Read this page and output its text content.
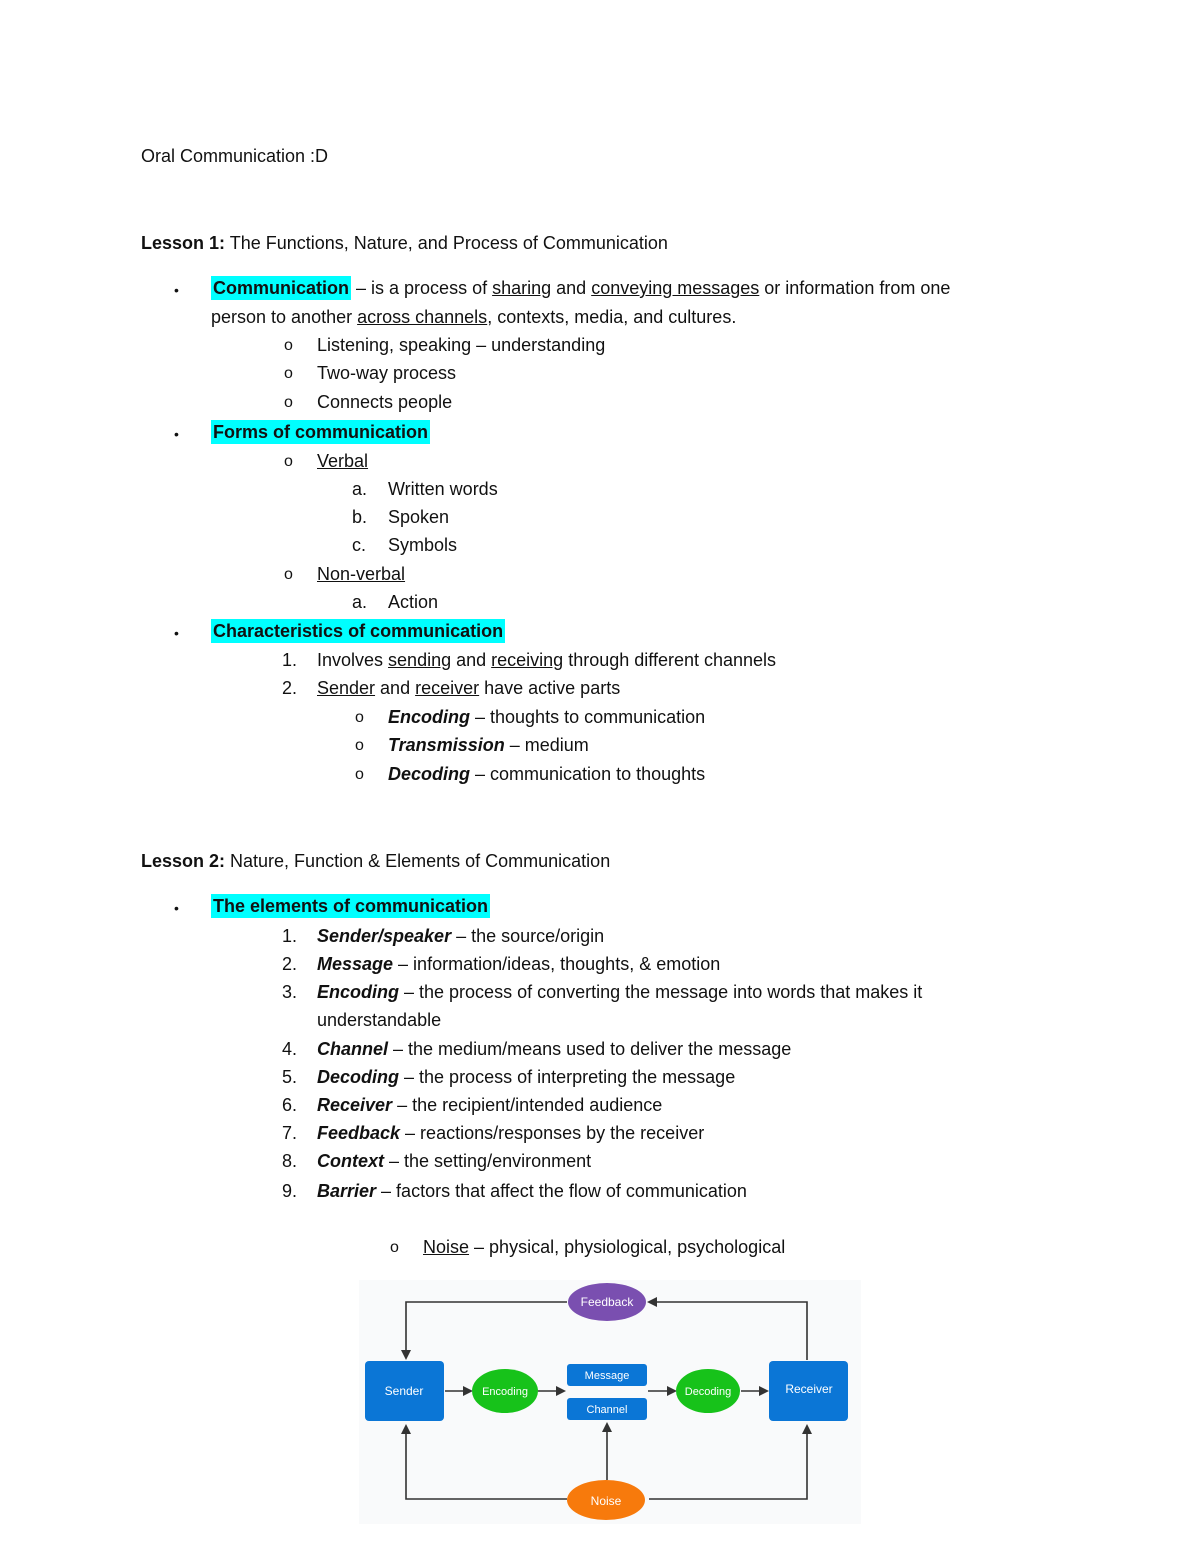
Oral Communication :D
Lesson 1: The Functions, Nature, and Process of Communication
• Communication – is a process of sharing and conveying messages or information from one
person to another across channels, contexts, media, and cultures.
o Listening, speaking – understanding
o Two-way process
o Connects people
• Forms of communication
o Verbal
a. Written words
b. Spoken
c. Symbols
o Non-verbal
a. Action
• Characteristics of communication
1. Involves sending and receiving through different channels
2. Sender and receiver have active parts
o Encoding – thoughts to communication
o Transmission – medium
o Decoding – communication to thoughts
Lesson 2: Nature, Function & Elements of Communication
• The elements of communication
1. Sender/speaker – the source/origin
2. Message – information/ideas, thoughts, & emotion
3. Encoding – the process of converting the message into words that makes it
understandable
4. Channel – the medium/means used to deliver the message
5. Decoding – the process of interpreting the message
6. Receiver – the recipient/intended audience
7. Feedback – reactions/responses by the receiver
8. Context – the setting/environment
9. Barrier – factors that affect the flow of communication
o Noise – physical, physiological, psychological
Feedback
Sender	Encoding
Message
Channel
Decoding	Receiver
Noise
